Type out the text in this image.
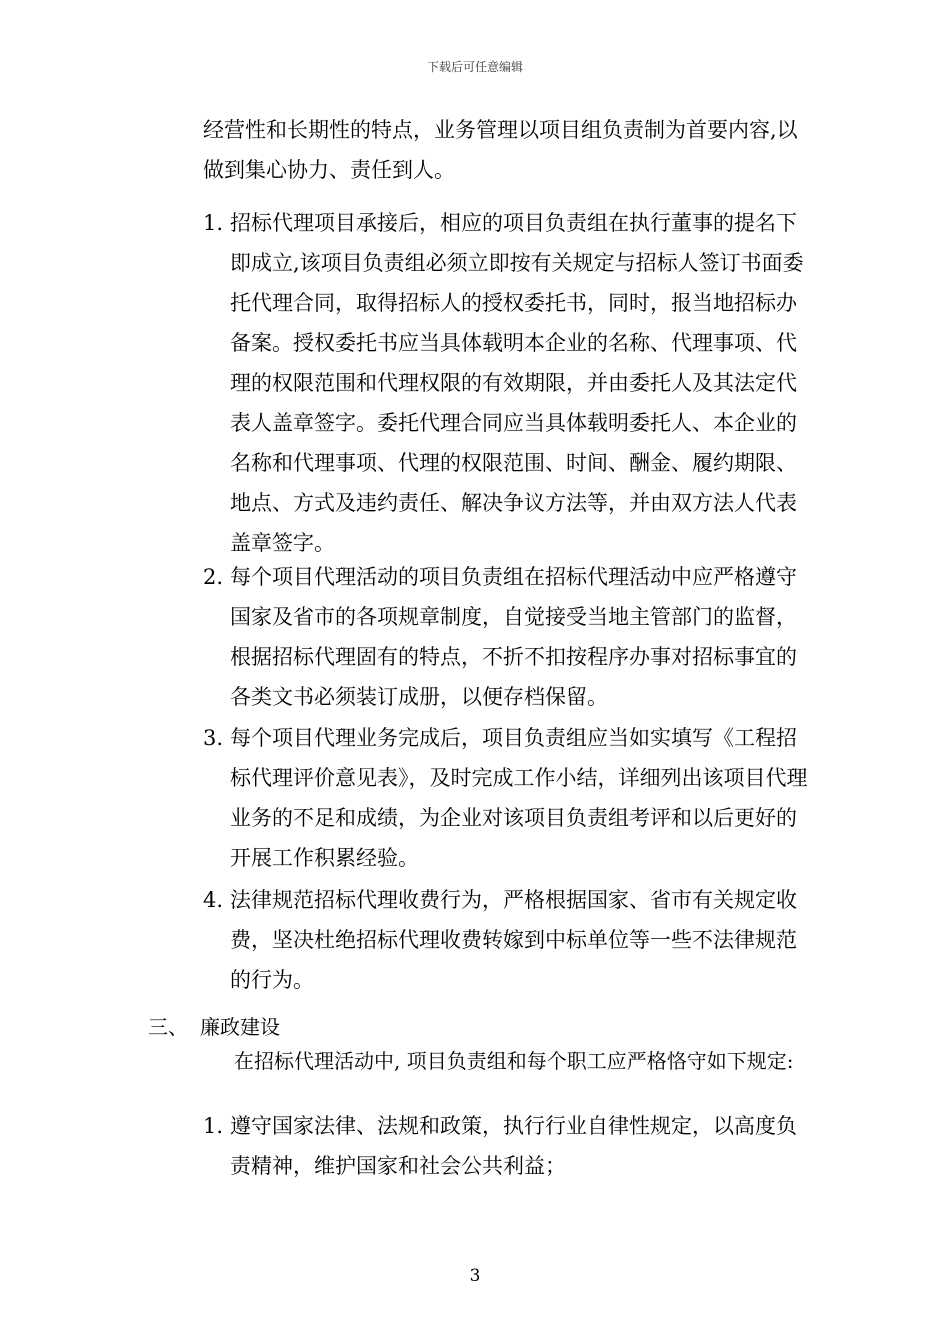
下载后可任意编辑
经营性和长期性的特点，业务管理以项目组负责制为首要内容,以做到集心协力、责任到人。
1. 招标代理项目承接后，相应的项目负责组在执行董事的提名下即成立,该项目负责组必须立即按有关规定与招标人签订书面委托代理合同，取得招标人的授权委托书，同时，报当地招标办备案。授权委托书应当具体载明本企业的名称、代理事项、代理的权限范围和代理权限的有效期限，并由委托人及其法定代表人盖章签字。委托代理合同应当具体载明委托人、本企业的名称和代理事项、代理的权限范围、时间、酬金、履约期限、地点、方式及违约责任、解决争议方法等，并由双方法人代表盖章签字。
2. 每个项目代理活动的项目负责组在招标代理活动中应严格遵守国家及省市的各项规章制度，自觉接受当地主管部门的监督，根据招标代理固有的特点，不折不扣按程序办事对招标事宜的各类文书必须装订成册，以便存档保留。
3. 每个项目代理业务完成后，项目负责组应当如实填写《工程招标代理评价意见表》，及时完成工作小结，详细列出该项目代理业务的不足和成绩，为企业对该项目负责组考评和以后更好的开展工作积累经验。
4. 法律规范招标代理收费行为，严格根据国家、省市有关规定收费，坚决杜绝招标代理收费转嫁到中标单位等一些不法律规范的行为。
三、 廉政建设
在招标代理活动中, 项目负责组和每个职工应严格恪守如下规定:
1. 遵守国家法律、法规和政策，执行行业自律性规定，以高度负责精神，维护国家和社会公共利益；
3
